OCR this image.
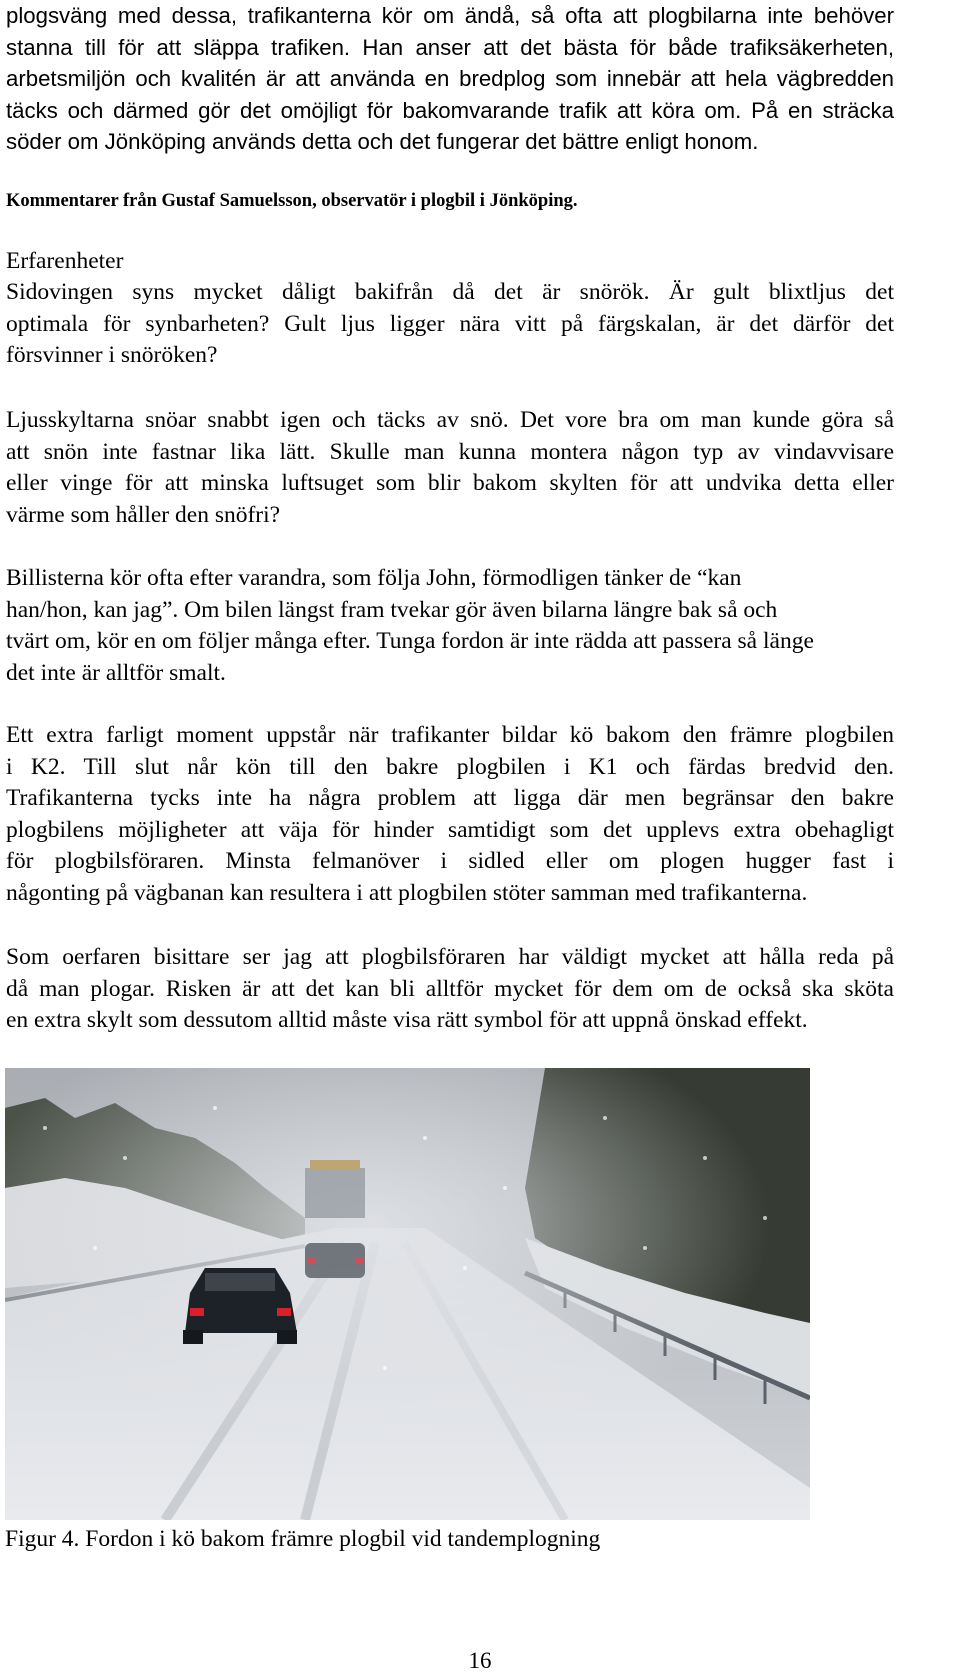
plogsväng med dessa, trafikanterna kör om ändå, så ofta att plogbilarna inte behöver
stanna till för att släppa trafiken. Han anser att det bästa för både trafiksäkerheten,
arbetsmiljön och kvalitén är att använda en bredplog som innebär att hela vägbredden
täcks och därmed gör det omöjligt för bakomvarande trafik att köra om. På en sträcka
söder om Jönköping används detta och det fungerar det bättre enligt honom.
Kommentarer från Gustaf Samuelsson, observatör i plogbil i Jönköping.
Erfarenheter
Sidovingen syns mycket dåligt bakifrån då det är snörök. Är gult blixtljus det
optimala för synbarheten? Gult ljus ligger nära vitt på färgskalan, är det därför det
försvinner i snöröken?
Ljusskyltarna snöar snabbt igen och täcks av snö. Det vore bra om man kunde göra så
att snön inte fastnar lika lätt. Skulle man kunna montera någon typ av vindavvisare
eller vinge för att minska luftsuget som blir bakom skylten för att undvika detta eller
värme som håller den snöfri?
Billisterna kör ofta efter varandra, som följa John, förmodligen tänker de “kan
han/hon, kan jag”. Om bilen längst fram tvekar gör även bilarna längre bak så och
tvärt om, kör en om följer många efter. Tunga fordon är inte rädda att passera så länge
det inte är alltför smalt.
Ett extra farligt moment uppstår när trafikanter bildar kö bakom den främre plogbilen
i K2. Till slut når kön till den bakre plogbilen i K1 och färdas bredvid den.
Trafikanterna tycks inte ha några problem att ligga där men begränsar den bakre
plogbilens möjligheter att väja för hinder samtidigt som det upplevs extra obehagligt
för plogbilsföraren. Minsta felmanöver i sidled eller om plogen hugger fast i
någonting på vägbanan kan resultera i att plogbilen stöter samman med trafikanterna.
Som oerfaren bisittare ser jag att plogbilsföraren har väldigt mycket att hålla reda på
då man plogar. Risken är att det kan bli alltför mycket för dem om de också ska sköta
en extra skylt som dessutom alltid måste visa rätt symbol för att uppnå önskad effekt.
Figur 4. Fordon i kö bakom främre plogbil vid tandemplogning
16
